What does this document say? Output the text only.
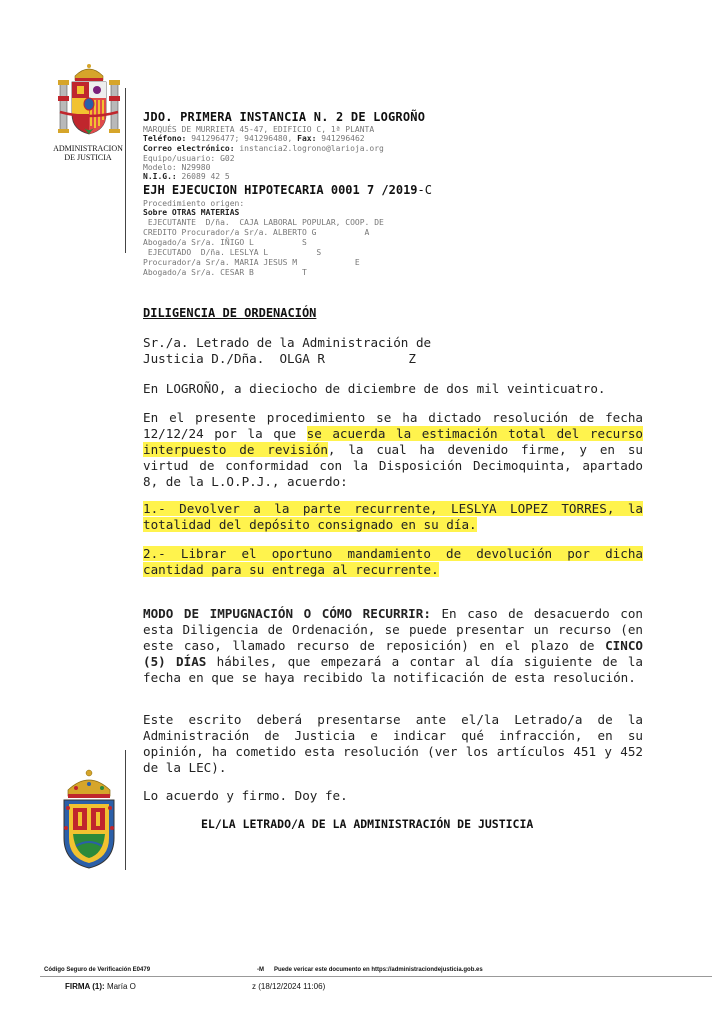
ADMINISTRACION
DE JUSTICIA
JDO. PRIMERA INSTANCIA N. 2 DE LOGROÑO
MARQUÉS DE MURRIETA 45-47, EDIFICIO C, 1ª PLANTA
Teléfono: 941296477; 941296480, Fax: 941296462
Correo electrónico: instancia2.logrono@larioja.org
Equipo/usuario: G02
Modelo: N29980
N.I.G.: 26089 42 5
EJH EJECUCION HIPOTECARIA 0001 7 /2019-C
Procedimiento origen:
Sobre OTRAS MATERIAS
EJECUTANTE  D/ña.  CAJA LABORAL POPULAR, COOP. DE
CREDITO Procurador/a Sr/a. ALBERTO G          A
Abogado/a Sr/a. IÑIGO L          S
EJECUTADO  D/ña. LESLYA L          S
Procurador/a Sr/a. MARIA JESUS M            E
Abogado/a Sr/a. CESAR B          T
DILIGENCIA DE ORDENACIÓN
Sr./a. Letrado de la Administración de
Justicia D./Dña.  OLGA R           Z
En LOGROÑO, a dieciocho de diciembre de dos mil veinticuatro.
En el presente procedimiento se ha dictado resolución de fecha 12/12/24 por la que se acuerda la estimación total del recurso interpuesto de revisión, la cual ha devenido firme, y en su virtud de conformidad con la Disposición Decimoquinta, apartado 8, de la L.O.P.J., acuerdo:
1.- Devolver a la parte recurrente, LESLYA LOPEZ TORRES, la totalidad del depósito consignado en su día.
2.- Librar el oportuno mandamiento de devolución por dicha cantidad para su entrega al recurrente.
MODO DE IMPUGNACIÓN O CÓMO RECURRIR: En caso de desacuerdo con esta Diligencia de Ordenación, se puede presentar un recurso (en este caso, llamado recurso de reposición) en el plazo de CINCO (5) DÍAS hábiles, que empezará a contar al día siguiente de la fecha en que se haya recibido la notificación de esta resolución.
Este escrito deberá presentarse ante el/la Letrado/a de la Administración de Justicia e indicar qué infracción, en su opinión, ha cometido esta resolución (ver los artículos 451 y 452 de la LEC).
Lo acuerdo y firmo. Doy fe.
EL/LA LETRADO/A DE LA ADMINISTRACIÓN DE JUSTICIA
Código Seguro de Verificación E0479	-M Puede vericar este documento en https://administraciondejusticia.gob.es
FIRMA (1): María O	z (18/12/2024 11:06)
